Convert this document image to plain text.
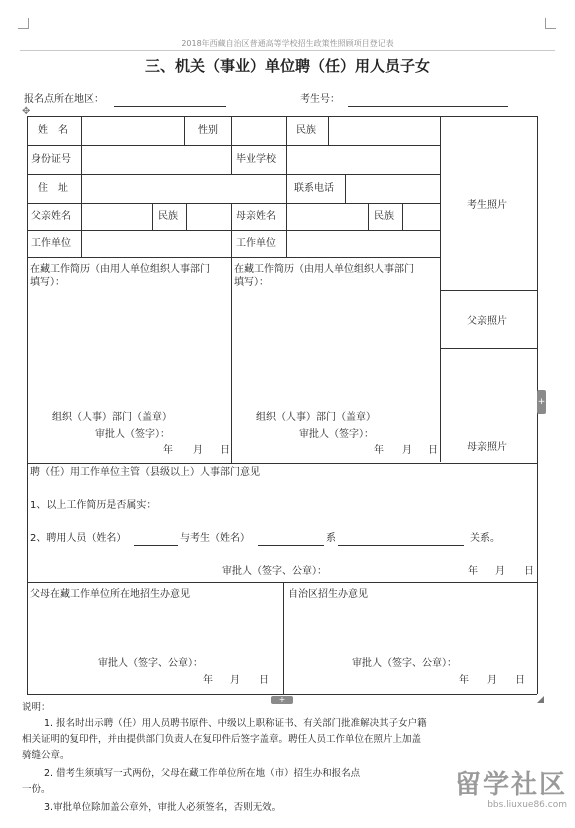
2018年西藏自治区普通高等学校招生政策性照顾项目登记表
三、机关（事业）单位聘（任）用人员子女
报名点所在地区：	考生号：
✥
姓　名	性别	民族
身份证号	毕业学校
住　址	联系电话
父亲姓名	民族	母亲姓名	民族
工作单位	工作单位
考生照片
父亲照片
母亲照片
在藏工作简历（由用人单位组织人事部门
填写）：
组织（人事）部门（盖章）
审批人（签字）：
年 月 日
在藏工作简历（由用人单位组织人事部门
填写）：
组织（人事）部门（盖章）
审批人（签字）：
年 月 日
聘（任）用工作单位主管（县级以上）人事部门意见
1、以上工作简历是否属实：
2、聘用人员（姓名）	与考生（姓名）	系	关系。
审批人（签字、公章）：	年 月 日
父母在藏工作单位所在地招生办意见
审批人（签字、公章）：
年 月 日
自治区招生办意见
审批人（签字、公章）：
年 月 日
+
+
说明：
1. 报名时出示聘（任）用人员聘书原件、中级以上职称证书、有关部门批准解决其子女户籍
相关证明的复印件，并由提供部门负责人在复印件后签字盖章。聘任人员工作单位在照片上加盖
骑缝公章。
2. 借考生须填写一式两份，父母在藏工作单位所在地（市）招生办和报名点
一份。
3.审批单位除加盖公章外，审批人必须签名，否则无效。
留学社区
bbs.liuxue86.com
